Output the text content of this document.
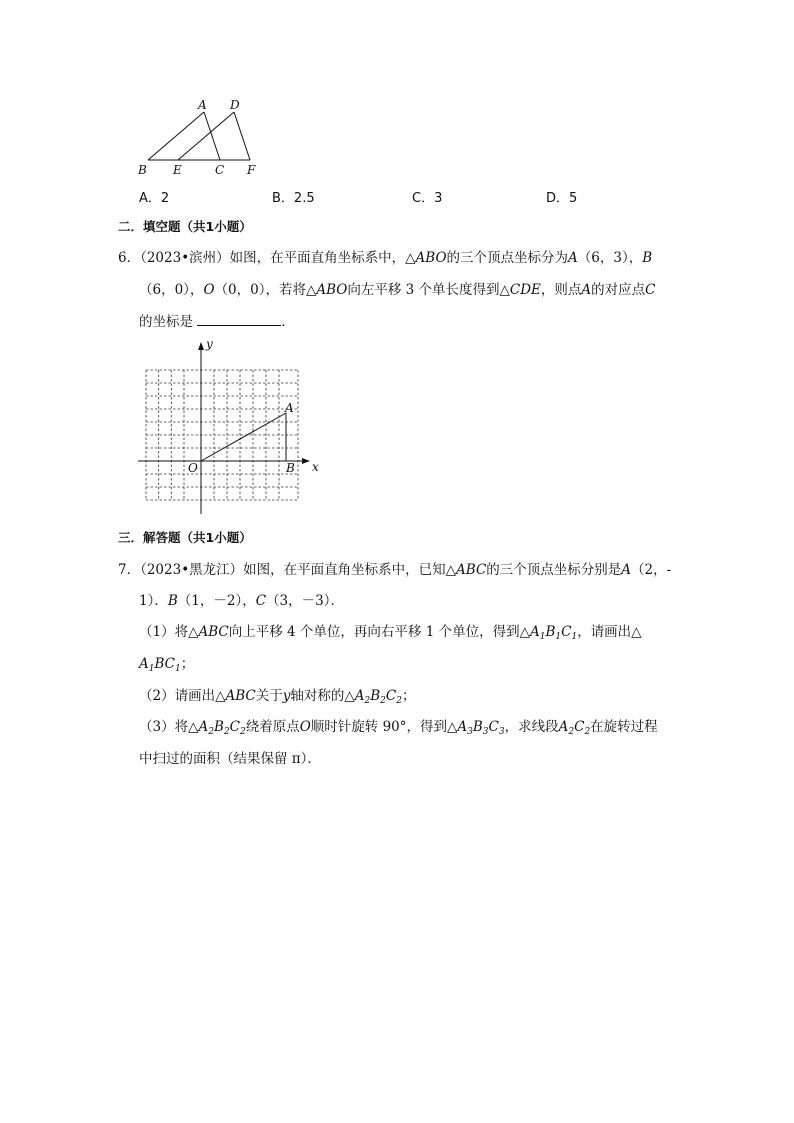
A D
B E	C F
A．2	B．2.5	C．3	D．5
二．填空题（共1小题）
6．（2023•滨州）如图，在平面直角坐标系中，△ABO的三个顶点坐标分为A（6，3），B
（6，0），O（0，0），若将△ABO向左平移 3 个单长度得到△CDE，则点A的对应点C
的坐标是	．
y
x
O
A
B
三．解答题（共1小题）
7．（2023•黑龙江）如图，在平面直角坐标系中，已知△ABC的三个顶点坐标分别是A（2，-
1）．B（1，－2），C（3，－3）．
（1）将△ABC向上平移 4 个单位，再向右平移 1 个单位，得到$\triangle A_1B_1C_1$，请画出△
$A_1BC_1$；
（2）请画出△ABC关于y轴对称的$\triangle A_2B_2C_2$；
（3）将$\triangle A_2B_2C_2$绕着原点O顺时针旋转 90°，得到$\triangle A_3B_3C_3$，求线段$A_2C_2$在旋转过程
中扫过的面积（结果保留 π）．
